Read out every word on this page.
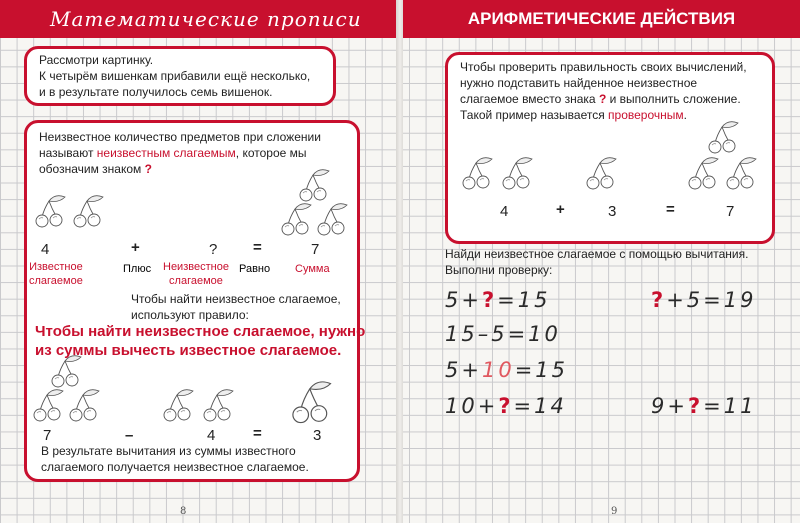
Математические прописи
Рассмотри картинку.
К четырём вишенкам прибавили ещё несколько,
и в результате получилось семь вишенок.
Неизвестное количество предметов при сложении
называют неизвестным слагаемым, которое мы
обозначим знаком ?
4	+	? =	7
Известное
слагаемое
Плюс Неизвестное
слагаемое
Равно Сумма
Чтобы найти неизвестное слагаемое,
используют правило:
Чтобы найти неизвестное слагаемое, нужно
из суммы вычесть известное слагаемое.
7	–	4	=	3
В результате вычитания из суммы известного
слагаемого получается неизвестное слагаемое.
8
АРИФМЕТИЧЕСКИЕ ДЕЙСТВИЯ
Чтобы проверить правильность своих вычислений,
нужно подставить найденное неизвестное
слагаемое вместо знака ? и выполнить сложение.
Такой пример называется проверочным.
4	+	3	=	7
Найди неизвестное слагаемое с помощью вычитания.
Выполни проверку:
5+?=15
15–5=10
5+10=15
10+?=14
?+5=19
9+?=11
9
